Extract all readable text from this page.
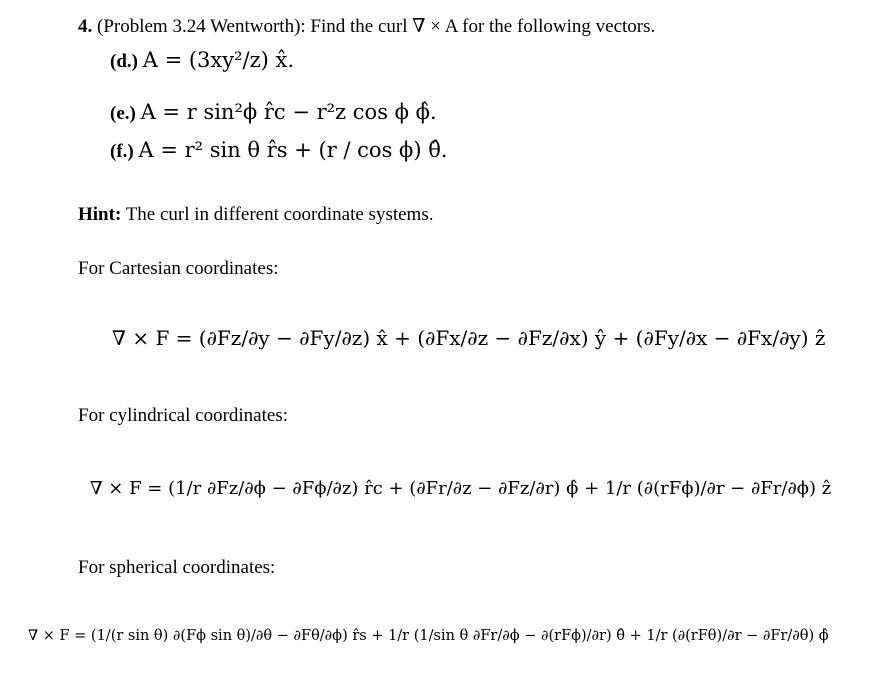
4. (Problem 3.24 Wentworth): Find the curl ∇ × A for the following vectors.
(d.) A = (3xy²/z) x̂.
(e.) A = r sin²ϕ r̂c − r²z cos ϕ ϕ̂.
(f.) A = r² sin θ r̂s + (r / cos ϕ) θ̂.
Hint: The curl in different coordinate systems.
For Cartesian coordinates:
∇ × F = (∂Fz/∂y − ∂Fy/∂z) x̂ + (∂Fx/∂z − ∂Fz/∂x) ŷ + (∂Fy/∂x − ∂Fx/∂y) ẑ
For cylindrical coordinates:
∇ × F = (1/r ∂Fz/∂ϕ − ∂Fϕ/∂z) r̂c + (∂Fr/∂z − ∂Fz/∂r) ϕ̂ + 1/r (∂(rFϕ)/∂r − ∂Fr/∂ϕ) ẑ
For spherical coordinates:
∇ × F = (1/(r sin θ) ∂(Fϕ sin θ)/∂θ − ∂Fθ/∂ϕ) r̂s + 1/r (1/sin θ ∂Fr/∂ϕ − ∂(rFϕ)/∂r) θ̂ + 1/r (∂(rFθ)/∂r − ∂Fr/∂θ) ϕ̂
